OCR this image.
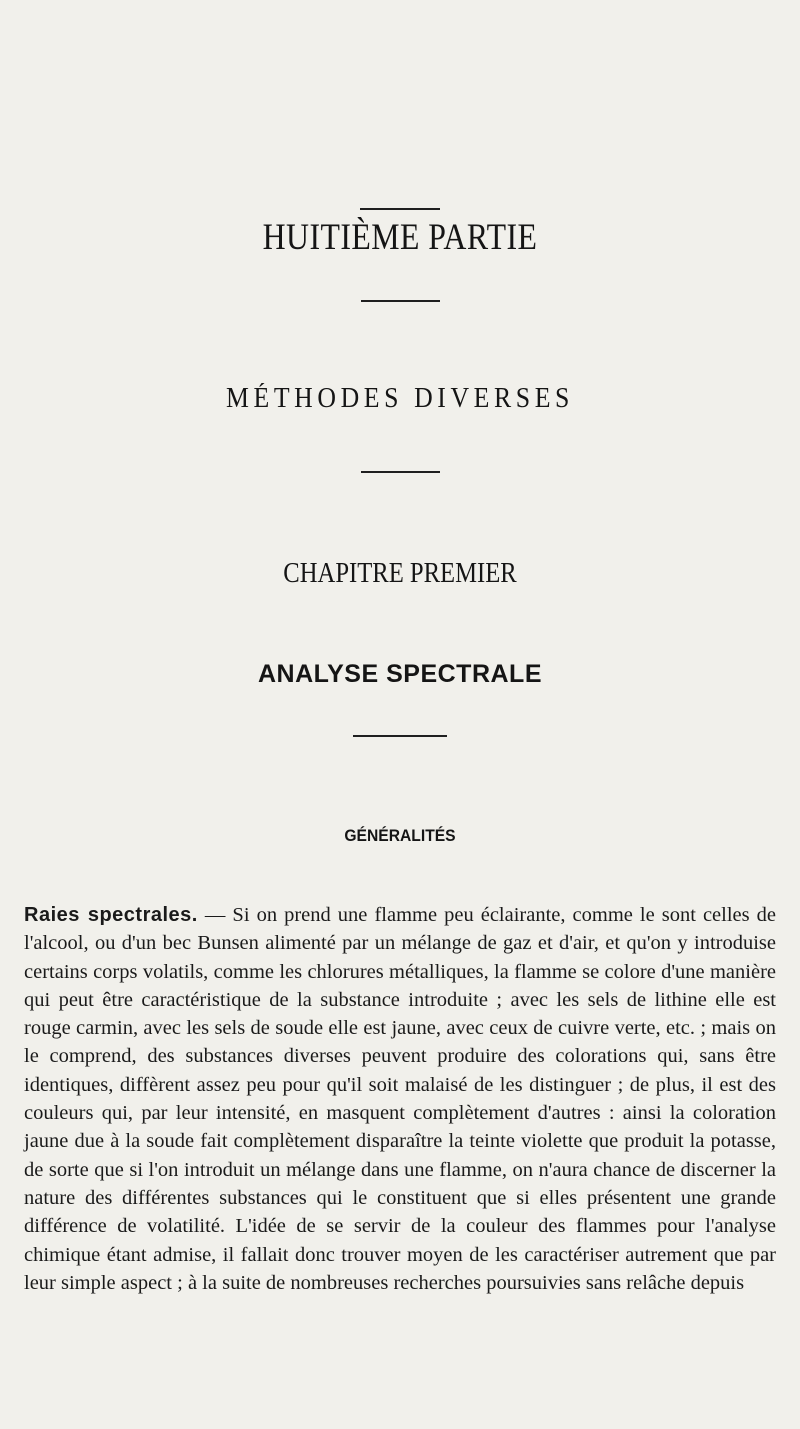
HUITIÈME PARTIE
MÉTHODES DIVERSES
CHAPITRE PREMIER
ANALYSE SPECTRALE
GÉNÉRALITÉS
Raies spectrales. — Si on prend une flamme peu éclairante, comme le sont celles de l'alcool, ou d'un bec Bunsen alimenté par un mélange de gaz et d'air, et qu'on y introduise certains corps volatils, comme les chlorures métalliques, la flamme se colore d'une manière qui peut être caractéristique de la substance introduite ; avec les sels de lithine elle est rouge carmin, avec les sels de soude elle est jaune, avec ceux de cuivre verte, etc. ; mais on le comprend, des substances diverses peuvent produire des colorations qui, sans être identiques, diffèrent assez peu pour qu'il soit malaisé de les distinguer ; de plus, il est des couleurs qui, par leur intensité, en masquent complètement d'autres : ainsi la coloration jaune due à la soude fait complètement disparaître la teinte violette que produit la potasse, de sorte que si l'on introduit un mélange dans une flamme, on n'aura chance de discerner la nature des différentes substances qui le constituent que si elles présentent une grande différence de volatilité. L'idée de se servir de la couleur des flammes pour l'analyse chimique étant admise, il fallait donc trouver moyen de les caractériser autrement que par leur simple aspect ; à la suite de nombreuses recherches poursuivies sans relâche depuis
